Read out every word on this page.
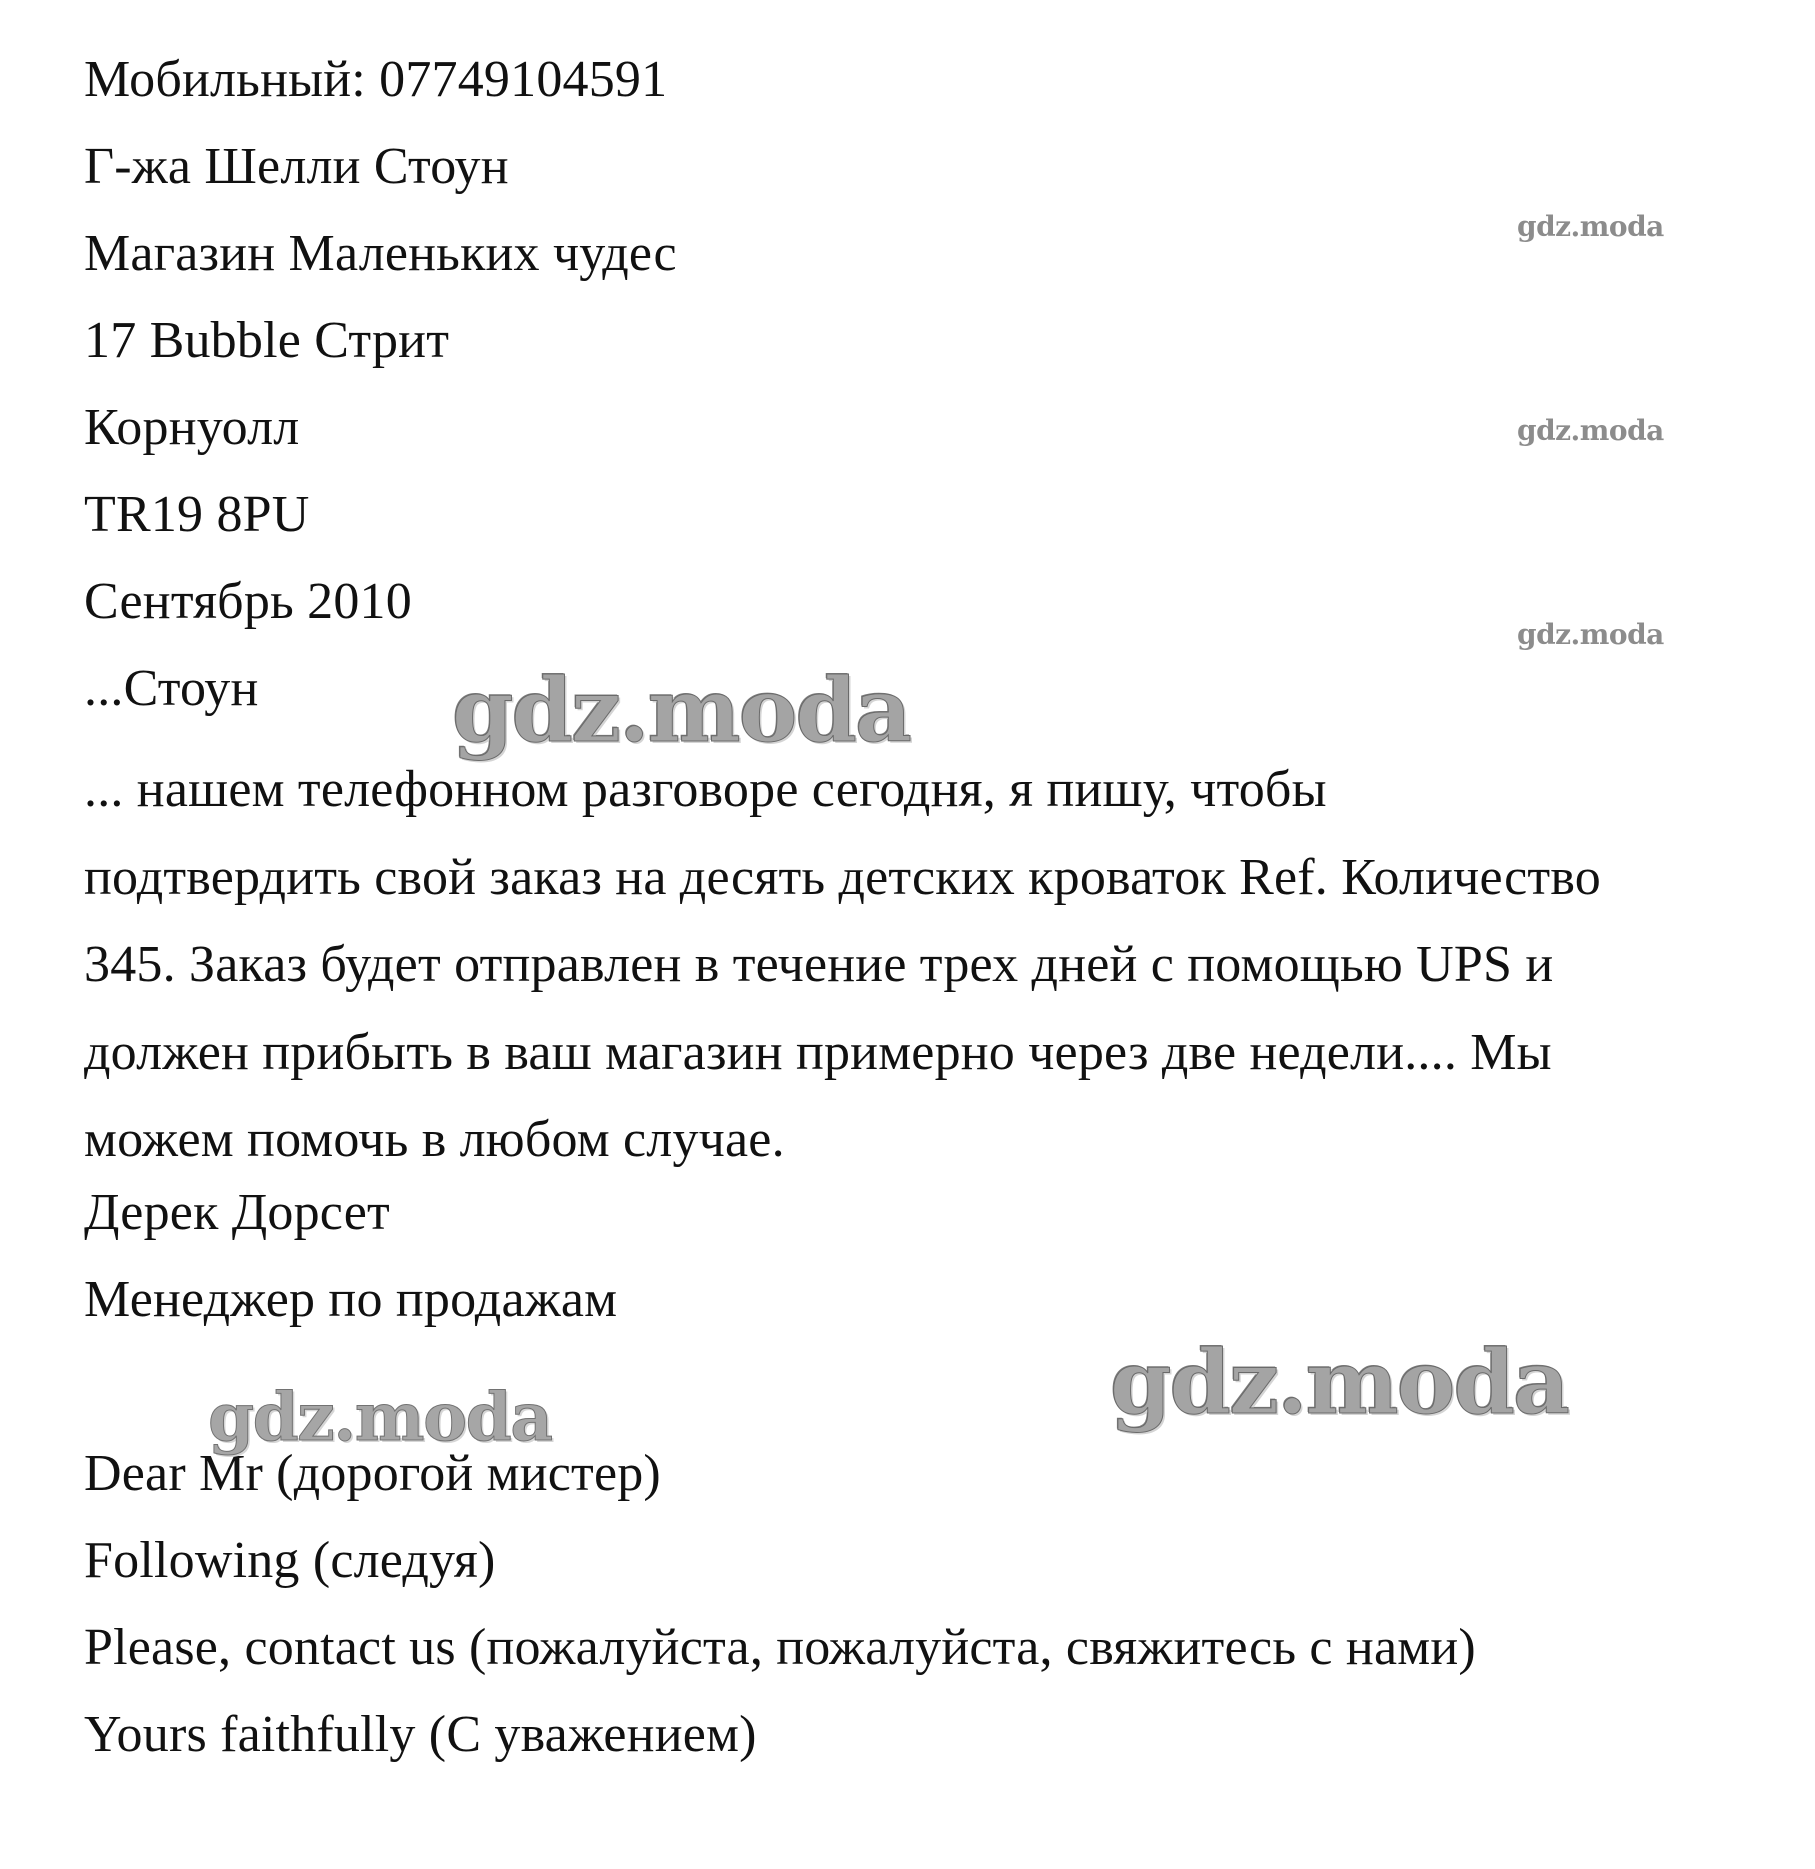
Мобильный: 07749104591
Г-жа Шелли Стоун
Магазин Маленьких чудес
17 Bubble Стрит
Корнуолл
TR19 8PU
Сентябрь 2010
...Стоун
... нашем телефонном разговоре сегодня, я пишу, чтобы
подтвердить свой заказ на десять детских кроваток Ref. Количество
345. Заказ будет отправлен в течение трех дней с помощью UPS и
должен прибыть в ваш магазин примерно через две недели.... Мы
можем помочь в любом случае.
Дерек Дорсет
Менеджер по продажам
Dear Mr (дорогой мистер)
Following (следуя)
Please, contact us (пожалуйста, пожалуйста, свяжитесь с нами)
Yours faithfully (С уважением)
gdz.moda
gdz.moda
gdz.moda
gdz.moda
gdz.moda
gdz.moda
